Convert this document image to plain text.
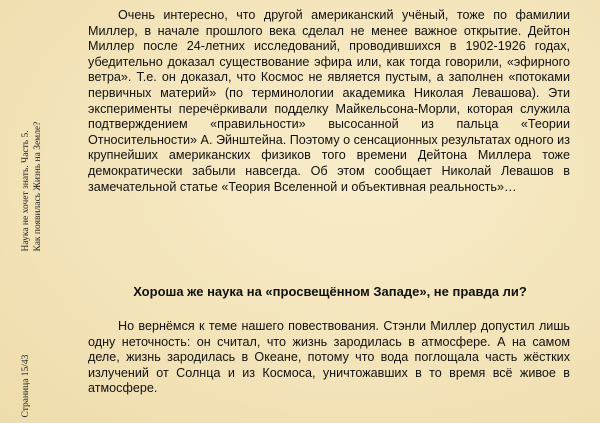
Страница 15/43
Наука не хочет знать. Часть 5. Как появилась Жизнь на Земле?

Очень интересно, что другой американский учёный, тоже по фамилии Миллер, в начале прошлого века сделал не менее важное открытие. Дейтон Миллер после 24-летних исследований, проводившихся в 1902-1926 годах, убедительно доказал существование эфира или, как тогда говорили, «эфирного ветра». Т.е. он доказал, что Космос не является пустым, а заполнен «потоками первичных материй» (по терминологии академика Николая Левашова). Эти эксперименты перечёркивали подделку Майкельсона-Морли, которая служила подтверждением «правильности» высосанной из пальца «Теории Относительности» А. Эйнштейна. Поэтому о сенсационных результатах одного из крупнейших американских физиков того времени Дейтона Миллера тоже демократически забыли навсегда. Об этом сообщает Николай Левашов в замечательной статье «Теория Вселенной и объективная реальность»…

Хороша же наука на «просвещённом Западе», не правда ли?

Но вернёмся к теме нашего повествования. Стэнли Миллер допустил лишь одну неточность: он считал, что жизнь зародилась в атмосфере. А на самом деле, жизнь зародилась в Океане, потому что вода поглощала часть жёстких излучений от Солнца и из Космоса, уничтожавших в то время всё живое в атмосфере.
